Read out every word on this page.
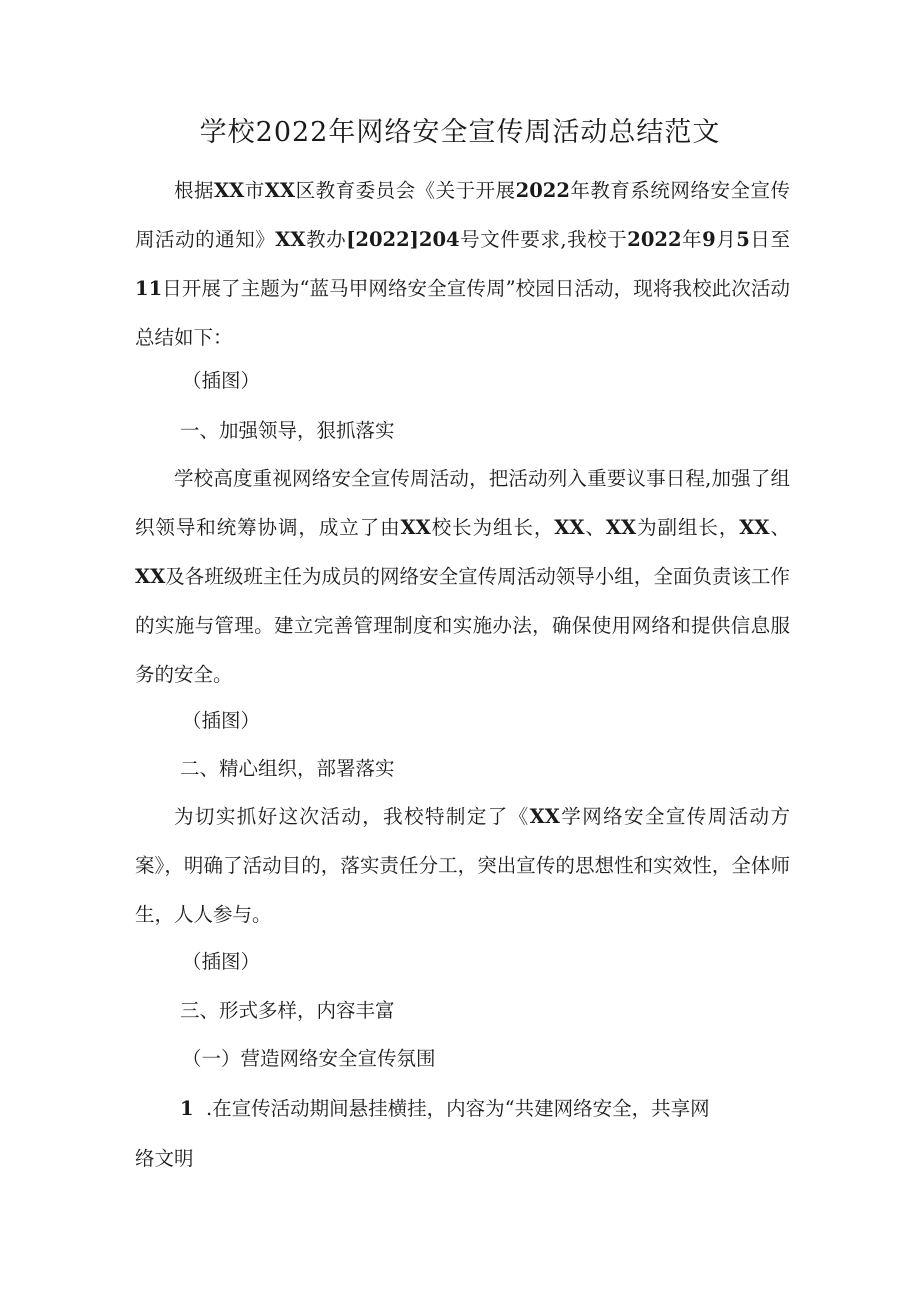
学校2022年网络安全宣传周活动总结范文

根据XX市XX区教育委员会《关于开展2022年教育系统网络安全宣传周活动的通知》XX教办[2022]204号文件要求,我校于2022年9月5日至11日开展了主题为“蓝马甲网络安全宣传周”校园日活动，现将我校此次活动总结如下：

（插图）
一、加强领导，狠抓落实

学校高度重视网络安全宣传周活动，把活动列入重要议事日程,加强了组织领导和统筹协调，成立了由XX校长为组长，XX、XX为副组长，XX、XX及各班级班主任为成员的网络安全宣传周活动领导小组，全面负责该工作的实施与管理。建立完善管理制度和实施办法，确保使用网络和提供信息服务的安全。

（插图）
二、精心组织，部署落实

为切实抓好这次活动，我校特制定了《XX学网络安全宣传周活动方案》，明确了活动目的，落实责任分工，突出宣传的思想性和实效性，全体师生，人人参与。

（插图）
三、形式多样，内容丰富
（一）营造网络安全宣传氛围
1 .在宣传活动期间悬挂横挂，内容为“共建网络安全，共享网
络文明
